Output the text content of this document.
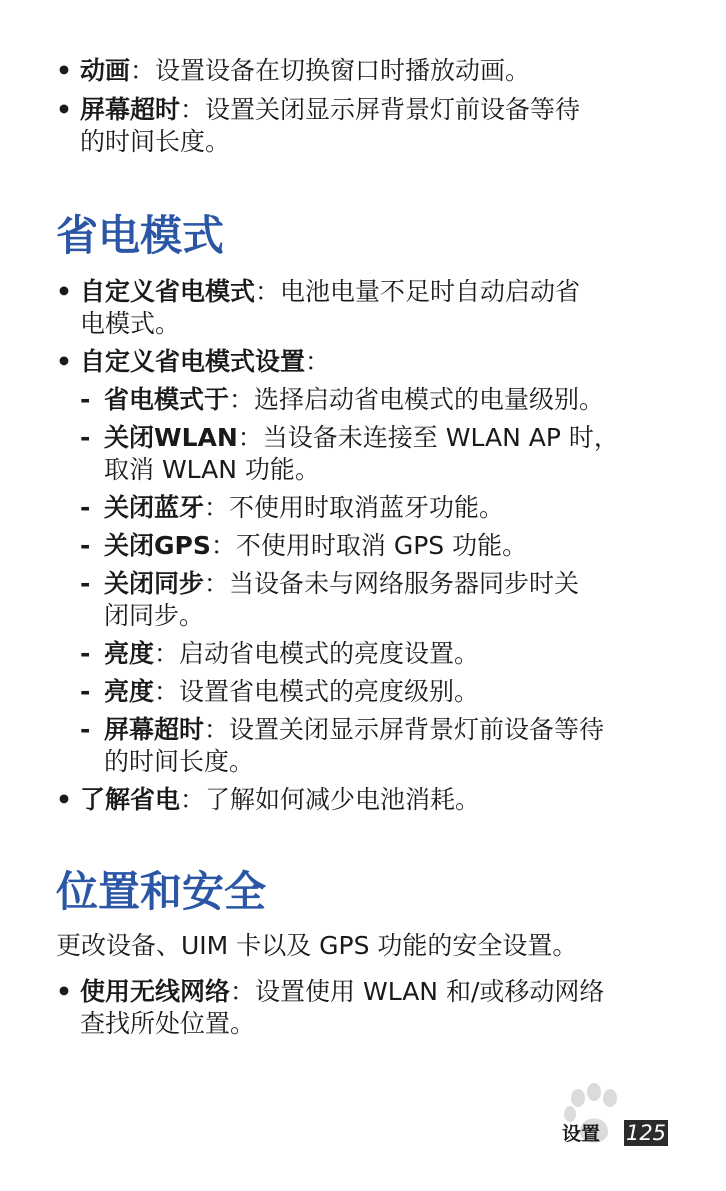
• 动画：设置设备在切换窗口时播放动画。
• 屏幕超时：设置关闭显示屏背景灯前设备等待
的时间长度。
省电模式
• 自定义省电模式：电池电量不足时自动启动省
电模式。
• 自定义省电模式设置：
- 省电模式于：选择启动省电模式的电量级别。
- 关闭WLAN：当设备未连接至 WLAN AP 时，
取消 WLAN 功能。
- 关闭蓝牙：不使用时取消蓝牙功能。
- 关闭GPS：不使用时取消 GPS 功能。
- 关闭同步：当设备未与网络服务器同步时关
闭同步。
- 亮度：启动省电模式的亮度设置。
- 亮度：设置省电模式的亮度级别。
- 屏幕超时：设置关闭显示屏背景灯前设备等待
的时间长度。
• 了解省电：了解如何减少电池消耗。
位置和安全
更改设备、UIM 卡以及 GPS 功能的安全设置。
• 使用无线网络：设置使用 WLAN 和/或移动网络
查找所处位置。
设置 125
